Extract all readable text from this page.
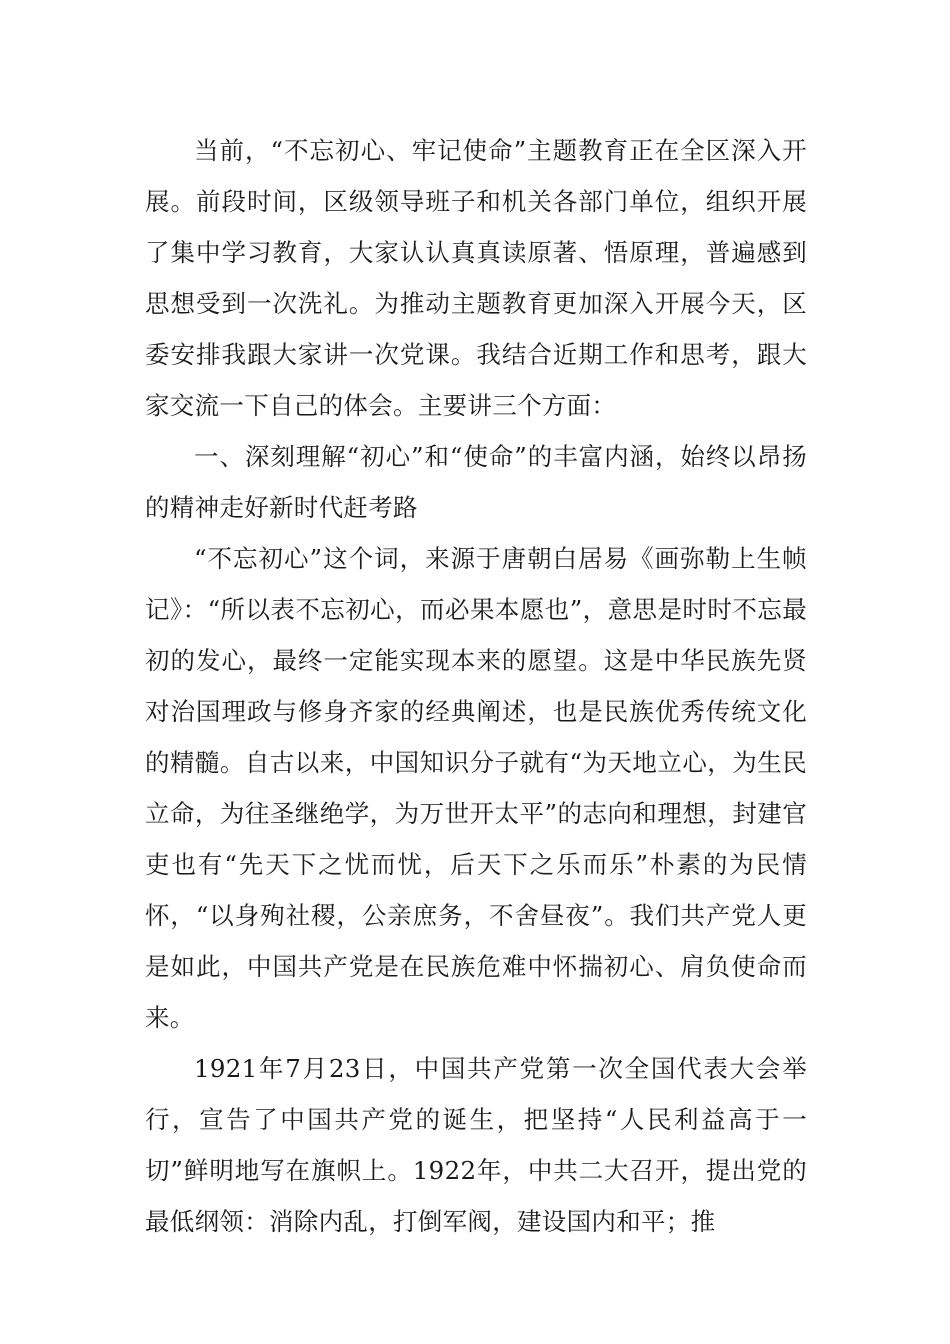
当前，“不忘初心、牢记使命”主题教育正在全区深入开展。前段时间，区级领导班子和机关各部门单位，组织开展了集中学习教育，大家认认真真读原著、悟原理，普遍感到思想受到一次洗礼。为推动主题教育更加深入开展今天，区委安排我跟大家讲一次党课。我结合近期工作和思考，跟大家交流一下自己的体会。主要讲三个方面：

一、深刻理解“初心”和“使命”的丰富内涵，始终以昂扬的精神走好新时代赶考路

“不忘初心”这个词，来源于唐朝白居易《画弥勒上生帧记》：“所以表不忘初心，而必果本愿也”，意思是时时不忘最初的发心，最终一定能实现本来的愿望。这是中华民族先贤对治国理政与修身齐家的经典阐述，也是民族优秀传统文化的精髓。自古以来，中国知识分子就有“为天地立心，为生民立命，为往圣继绝学，为万世开太平”的志向和理想，封建官吏也有“先天下之忧而忧，后天下之乐而乐”朴素的为民情怀，“以身殉社稷，公亲庶务，不舍昼夜”。我们共产党人更是如此，中国共产党是在民族危难中怀揣初心、肩负使命而来。

1921年7月23日，中国共产党第一次全国代表大会举行，宣告了中国共产党的诞生，把坚持“人民利益高于一切”鲜明地写在旗帜上。1922年，中共二大召开，提出党的最低纲领：消除内乱，打倒军阀，建设国内和平；推
